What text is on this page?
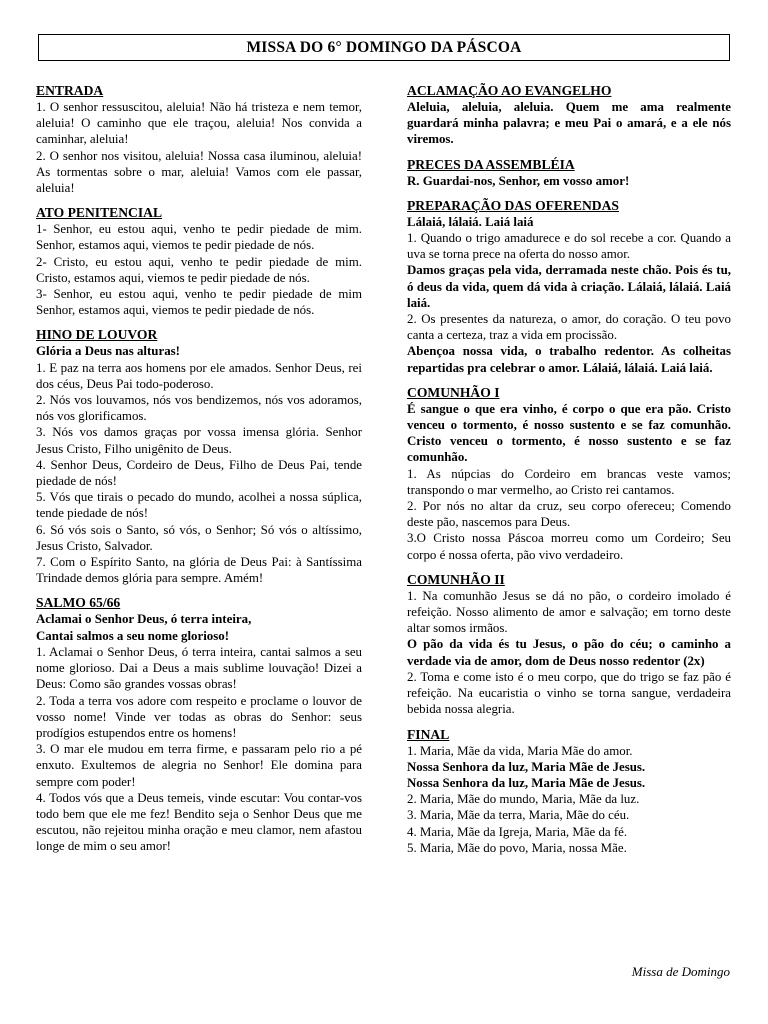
MISSA DO 6° DOMINGO DA PÁSCOA
ENTRADA

1. O senhor ressuscitou, aleluia! Não há tristeza e nem temor, aleluia! O caminho que ele traçou, aleluia! Nos convida a caminhar, aleluia!

2. O senhor nos visitou, aleluia! Nossa casa iluminou, aleluia! As tormentas sobre o mar, aleluia! Vamos com ele passar, aleluia!

ATO PENITENCIAL

1- Senhor, eu estou aqui, venho te pedir piedade de mim. Senhor, estamos aqui, viemos te pedir piedade de nós.

2- Cristo, eu estou aqui, venho te pedir piedade de mim. Cristo, estamos aqui, viemos te pedir piedade de nós.

3- Senhor, eu estou aqui, venho te pedir piedade de mim Senhor, estamos aqui, viemos te pedir piedade de nós.

HINO DE LOUVOR

Glória a Deus nas alturas!

1. E paz na terra aos homens por ele amados. Senhor Deus, rei dos céus, Deus Pai todo-poderoso.

2. Nós vos louvamos, nós vos bendizemos, nós vos adoramos, nós vos glorificamos.

3. Nós vos damos graças por vossa imensa glória. Senhor Jesus Cristo, Filho unigênito de Deus.

4. Senhor Deus, Cordeiro de Deus, Filho de Deus Pai, tende piedade de nós!

5. Vós que tirais o pecado do mundo, acolhei a nossa súplica, tende piedade de nós!

6. Só vós sois o Santo, só vós, o Senhor; Só vós o altíssimo, Jesus Cristo, Salvador.

7. Com o Espírito Santo, na glória de Deus Pai: à Santíssima Trindade demos glória para sempre. Amém!

SALMO 65/66

Aclamai o Senhor Deus, ó terra inteira,

Cantai salmos a seu nome glorioso!

1. Aclamai o Senhor Deus, ó terra inteira, cantai salmos a seu nome glorioso. Dai a Deus a mais sublime louvação! Dizei a Deus: Como são grandes vossas obras!

2. Toda a terra vos adore com respeito e proclame o louvor de vosso nome! Vinde ver todas as obras do Senhor: seus prodígios estupendos entre os homens!

3. O mar ele mudou em terra firme, e passaram pelo rio a pé enxuto. Exultemos de alegria no Senhor! Ele domina para sempre com poder!

4. Todos vós que a Deus temeis, vinde escutar: Vou contar-vos todo bem que ele me fez! Bendito seja o Senhor Deus que me escutou, não rejeitou minha oração e meu clamor, nem afastou longe de mim o seu amor!

ACLAMAÇÃO AO EVANGELHO

Aleluia, aleluia, aleluia. Quem me ama realmente guardará minha palavra; e meu Pai o amará, e a ele nós viremos.

PRECES DA ASSEMBLÉIA

R. Guardai-nos, Senhor, em vosso amor!

PREPARAÇÃO DAS OFERENDAS

Lálaiá, lálaiá. Laiá laiá

1. Quando o trigo amadurece e do sol recebe a cor. Quando a uva se torna prece na oferta do nosso amor.

Damos graças pela vida, derramada neste chão. Pois és tu, ó deus da vida, quem dá vida à criação. Lálaiá, lálaiá. Laiá laiá.

2. Os presentes da natureza, o amor, do coração. O teu povo canta a certeza, traz a vida em procissão.

Abençoa nossa vida, o trabalho redentor. As colheitas repartidas pra celebrar o amor. Lálaiá, lálaiá. Laiá laiá.

COMUNHÃO I

É sangue o que era vinho, é corpo o que era pão. Cristo venceu o tormento, é nosso sustento e se faz comunhão. Cristo venceu o tormento, é nosso sustento e se faz comunhão.

1. As núpcias do Cordeiro em brancas veste vamos; transpondo o mar vermelho, ao Cristo rei cantamos.

2. Por nós no altar da cruz, seu corpo ofereceu; Comendo deste pão, nascemos para Deus.

3.O Cristo nossa Páscoa morreu como um Cordeiro; Seu corpo é nossa oferta, pão vivo verdadeiro.

COMUNHÃO II

1. Na comunhão Jesus se dá no pão, o cordeiro imolado é refeição. Nosso alimento de amor e salvação; em torno deste altar somos irmãos.

O pão da vida és tu Jesus, o pão do céu; o caminho a verdade via de amor, dom de Deus nosso redentor (2x)

2. Toma e come isto é o meu corpo, que do trigo se faz pão é refeição. Na eucaristia o vinho se torna sangue, verdadeira bebida nossa alegria.

FINAL

1. Maria, Mãe da vida, Maria Mãe do amor.

Nossa Senhora da luz, Maria Mãe de Jesus.

Nossa Senhora da luz, Maria Mãe de Jesus.

2. Maria, Mãe do mundo, Maria, Mãe da luz.

3. Maria, Mãe da terra, Maria, Mãe do céu.

4. Maria, Mãe da Igreja, Maria, Mãe da fé.

5. Maria, Mãe do povo, Maria, nossa Mãe.

Missa de Domingo
